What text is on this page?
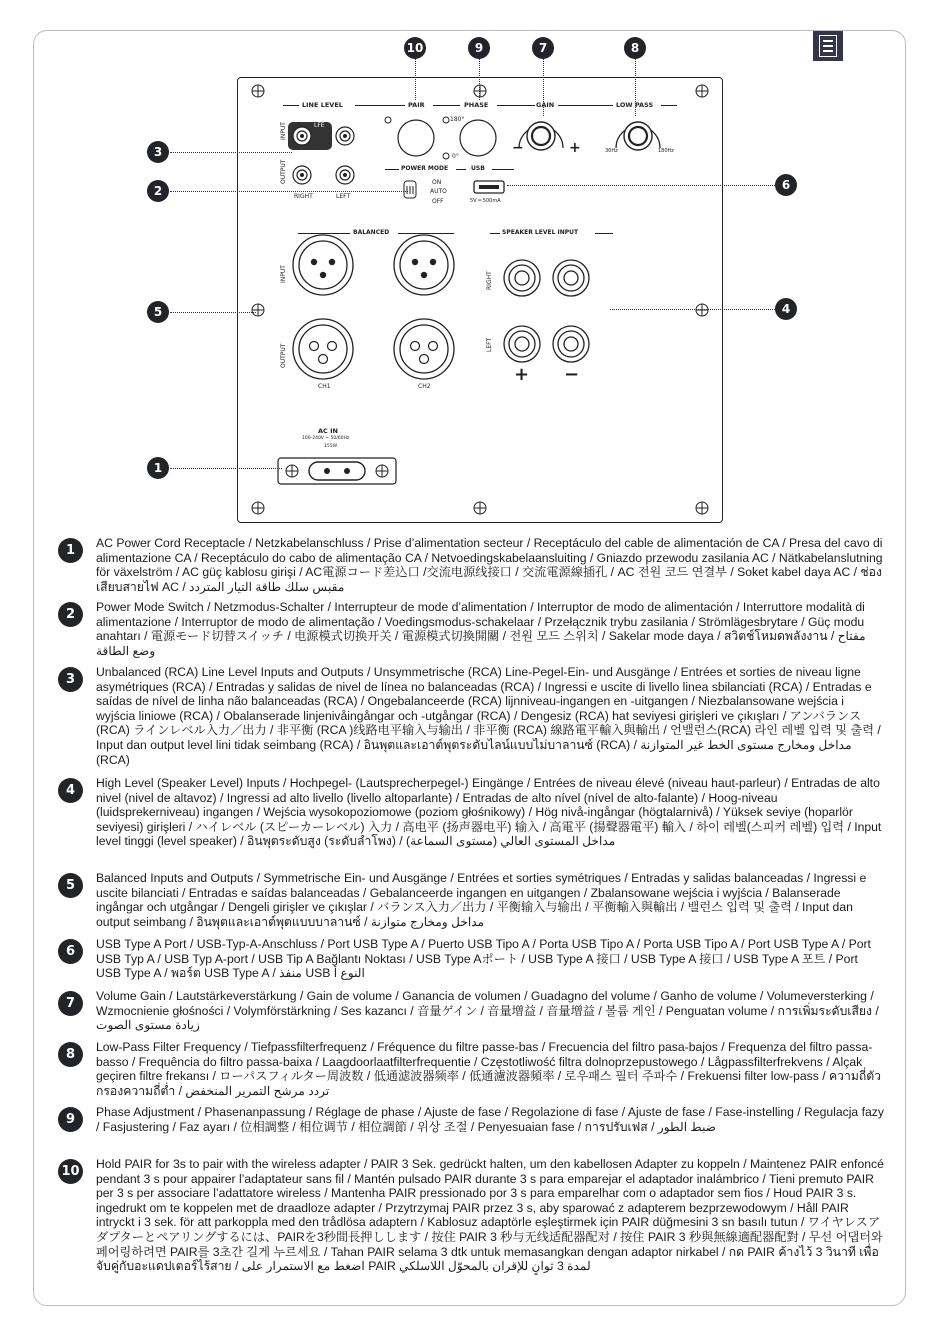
LINE LEVEL	PAIR	PHASE	GAIN	LOW PASS
INPUT
OUTPUT
LFE
RIGHT	LEFT
180°
0°
−	+	30Hz	180Hz
POWER MODE	USB
ON
AUTO
OFF	5V ═ 500mA
BALANCED	SPEAKER LEVEL INPUT
INPUT
OUTPUT
CH1	CH2
RIGHT
LEFT
+ −
AC IN
100-240V ~ 50/60Hz
155W
10	9	7	8
3
2	6
5	4
1
1	AC Power Cord Receptacle / Netzkabelanschluss / Prise d’alimentation secteur / Receptáculo del cable de alimentación de CA / Presa del cavo di alimentazione CA / Receptáculo do cabo de alimentação CA / Netvoedingskabelaansluiting / Gniazdo przewodu zasilania AC / Nätkabelanslutning för växelström / AC güç kablosu girişi / AC電源コード差込口 /交流电源线接口 / 交流電源線插孔 / AC 전원 코드 연결부 / Soket kabel daya AC / ช่องเสียบสายไฟ AC / مقبس سلك طاقة التيار المتردد
2	Power Mode Switch / Netzmodus-Schalter / Interrupteur de mode d’alimentation / Interruptor de modo de alimentación / Interruttore modalità di alimentazione / Interruptor de modo de alimentação / Voedingsmodus-schakelaar / Przełącznik trybu zasilania / Strömlägesbrytare / Güç modu anahtarı / 電源モード切替スイッチ / 电源模式切换开关 / 電源模式切換開關 / 전원 모드 스위치 / Sakelar mode daya / สวิตช์โหมดพลังงาน / مفتاح وضع الطاقة
3	Unbalanced (RCA) Line Level Inputs and Outputs / Unsymmetrische (RCA) Line-Pegel-Ein- und Ausgänge / Entrées et sorties de niveau ligne asymétriques (RCA) / Entradas y salidas de nivel de línea no balanceadas (RCA) / Ingressi e uscite di livello linea sbilanciati (RCA) / Entradas e saídas de nível de linha não balanceadas (RCA) / Ongebalanceerde (RCA) lijnniveau-ingangen en -uitgangen / Niezbalansowane wejścia i wyjścia liniowe (RCA) / Obalanserade linjenivåingångar och -utgångar (RCA) / Dengesiz (RCA) hat seviyesi girişleri ve çıkışları / アンバランス (RCA) ラインレベル入力／出力 / 非平衡 (RCA )线路电平输入与输出 / 非平衡 (RCA) 線路電平輸入與輸出 / 언밸런스(RCA) 라인 레벨 입력 및 출력 / Input dan output level lini tidak seimbang (RCA) / อินพุตและเอาต์พุตระดับไลน์แบบไม่บาลานซ์ (RCA) / مداخل ومخارج مستوى الخط غير المتوازنة (RCA)
4	High Level (Speaker Level) Inputs / Hochpegel- (Lautsprecherpegel-) Eingänge / Entrées de niveau élevé (niveau haut-parleur) / Entradas de alto nivel (nivel de altavoz) / Ingressi ad alto livello (livello altoparlante) / Entradas de alto nível (nível de alto-falante) / Hoog-niveau (luidsprekerniveau) ingangen / Wejścia wysokopoziomowe (poziom głośnikowy) / Hög nivå-ingångar (högtalarnivå) / Yüksek seviye (hoparlör seviyesi) girişleri / ハイレベル (スピーカーレベル) 入力 / 高电平 (扬声器电平) 输入 / 高電平 (揚聲器電平) 輸入 / 하이 레벨(스피커 레벨) 입력 / Input level tinggi (level speaker) / อินพุตระดับสูง (ระดับลำโพง) / مداخل المستوى العالي (مستوى السماعة)
5	Balanced Inputs and Outputs / Symmetrische Ein- und Ausgänge / Entrées et sorties symétriques / Entradas y salidas balanceadas / Ingressi e uscite bilanciati / Entradas e saídas balanceadas / Gebalanceerde ingangen en uitgangen / Zbalansowane wejścia i wyjścia / Balanserade ingångar och utgångar / Dengeli girişler ve çıkışlar / バランス入力／出力 / 平衡输入与输出 / 平衡輸入與輸出 / 밸런스 입력 및 출력 / Input dan output seimbang / อินพุตและเอาต์พุตแบบบาลานซ์ / مداخل ومخارج متوازنة
6	USB Type A Port / USB-Typ-A-Anschluss / Port USB Type A / Puerto USB Tipo A / Porta USB Tipo A / Porta USB Tipo A / Port USB Type A / Port USB Typ A / USB Typ A-port / USB Tip A Bağlantı Noktası / USB Type Aポート / USB Type A 接口 / USB Type A 接口 / USB Type A 포트 / Port USB Type A / พอร์ต USB Type A / منفذ USB النوع أ
7	Volume Gain / Lautstärkeverstärkung / Gain de volume / Ganancia de volumen / Guadagno del volume / Ganho de volume / Volumeversterking / Wzmocnienie głośności / Volymförstärkning / Ses kazancı / 音量ゲイン / 音量增益 / 音量增益 / 볼륨 게인 / Penguatan volume / การเพิ่มระดับเสียง / زيادة مستوى الصوت
8	Low-Pass Filter Frequency / Tiefpassfilterfrequenz / Fréquence du filtre passe-bas / Frecuencia del filtro pasa-bajos / Frequenza del filtro passa-basso / Frequência do filtro passa-baixa / Laagdoorlaatfilterfrequentie / Częstotliwość filtra dolnoprzepustowego / Lågpassfilterfrekvens / Alçak geçiren filtre frekansı / ローパスフィルター周波数 / 低通滤波器频率 / 低通濾波器頻率 / 로우패스 필터 주파수 / Frekuensi filter low-pass / ความถี่ตัวกรองความถี่ต่ำ / تردد مرشح التمرير المنخفض
9	Phase Adjustment / Phasenanpassung / Réglage de phase / Ajuste de fase / Regolazione di fase / Ajuste de fase / Fase-instelling / Regulacja fazy / Fasjustering / Faz ayarı / 位相調整 / 相位调节 / 相位調節 / 위상 조절 / Penyesuaian fase / การปรับเฟส / ضبط الطور
10 Hold PAIR for 3s to pair with the wireless adapter / PAIR 3 Sek. gedrückt halten, um den kabellosen Adapter zu koppeln / Maintenez PAIR enfoncé pendant 3 s pour appairer l’adaptateur sans fil / Mantén pulsado PAIR durante 3 s para emparejar el adaptador inalámbrico / Tieni premuto PAIR per 3 s per associare l’adattatore wireless / Mantenha PAIR pressionado por 3 s para emparelhar com o adaptador sem fios / Houd PAIR 3 s. ingedrukt om te koppelen met de draadloze adapter / Przytrzymaj PAIR przez 3 s, aby sparować z adapterem bezprzewodowym / Håll PAIR intryckt i 3 sek. för att parkoppla med den trådlösa adaptern / Kablosuz adaptörle eşleştirmek için PAIR düğmesini 3 sn basılı tutun / ワイヤレスアダプターとペアリングするには、PAIRを3秒間長押しします / 按住 PAIR 3 秒与无线适配器配对 / 按住 PAIR 3 秒與無線適配器配對 / 무선 어댑터와 페어링하려면 PAIR를 3초간 길게 누르세요 / Tahan PAIR selama 3 dtk untuk memasangkan dengan adaptor nirkabel / กด PAIR ค้างไว้ 3 วินาที เพื่อจับคู่กับอะแดปเตอร์ไร้สาย / اضغط مع الاستمرار على PAIR لمدة 3 ثوانٍ للإقران بالمحوّل اللاسلكي
